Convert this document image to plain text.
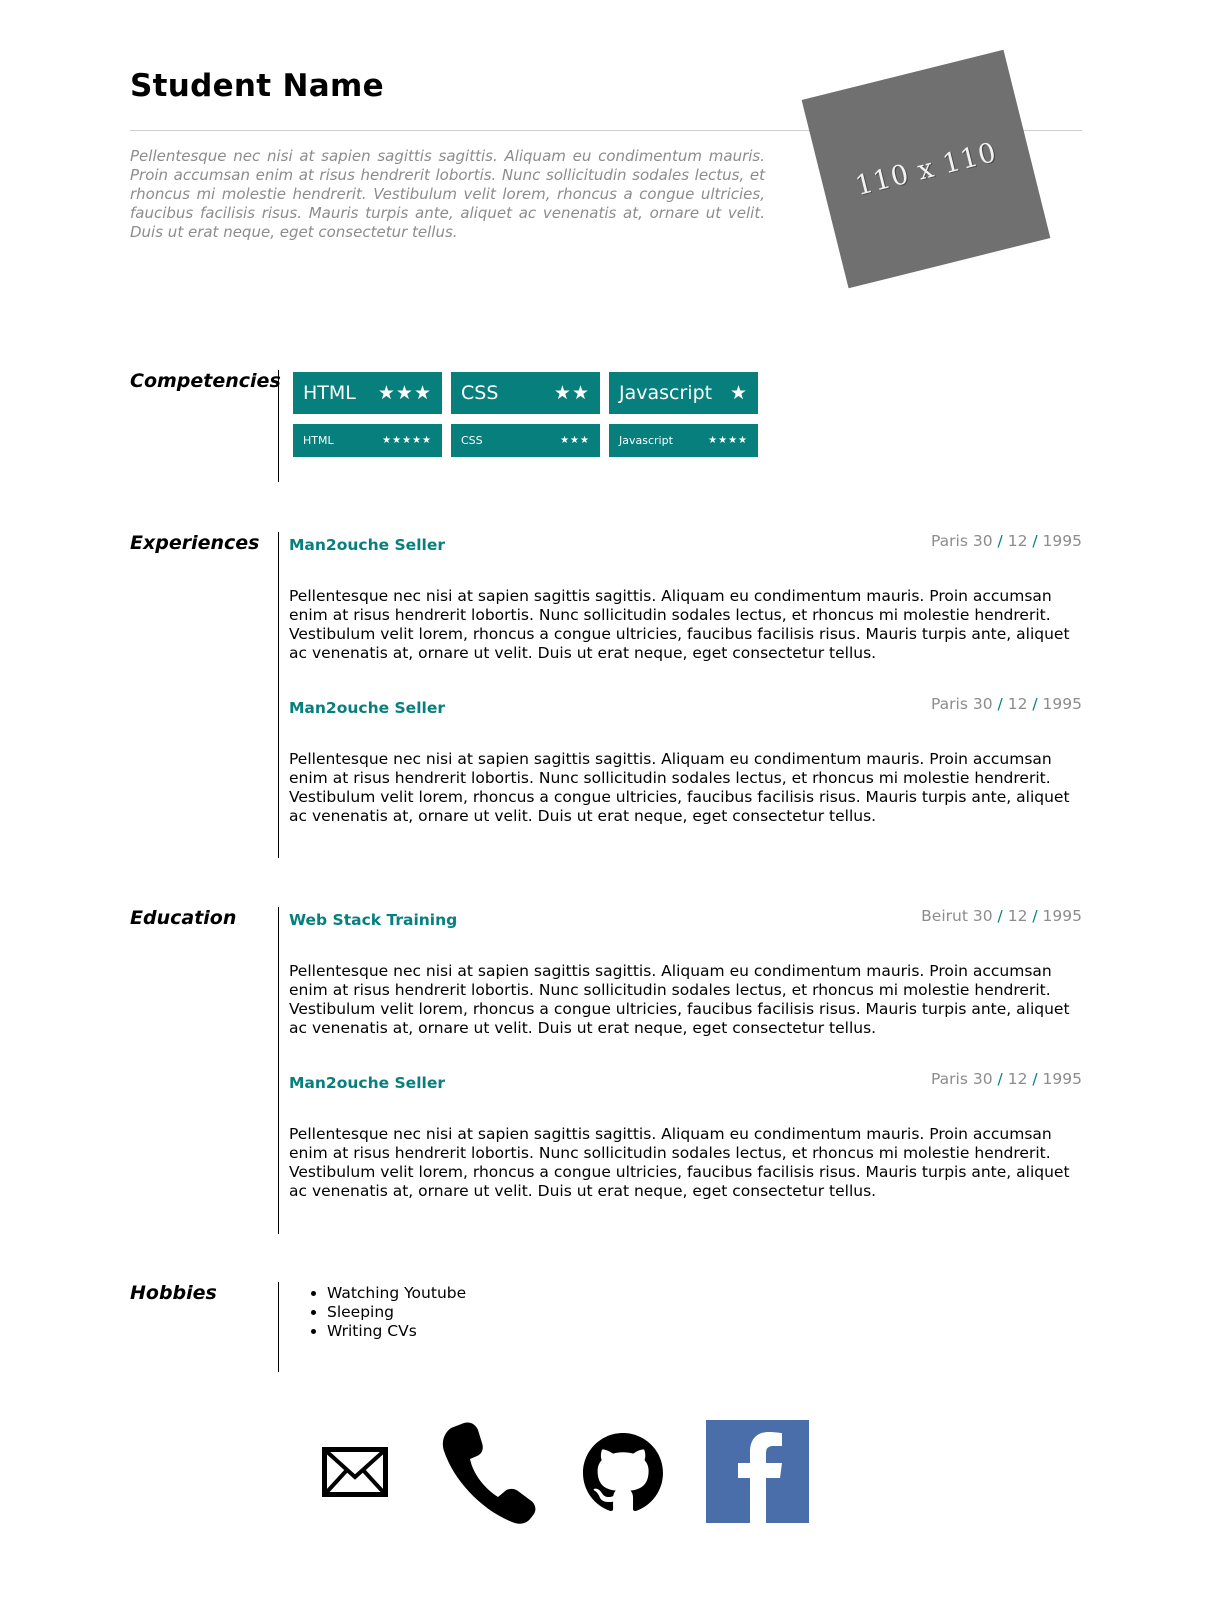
Student Name

Pellentesque nec nisi at sapien sagittis sagittis. Aliquam eu condimentum mauris. Proin accumsan enim at risus hendrerit lobortis. Nunc sollicitudin sodales lectus, et rhoncus mi molestie hendrerit. Vestibulum velit lorem, rhoncus a congue ultricies, faucibus facilisis risus. Mauris turpis ante, aliquet ac venenatis at, ornare ut velit. Duis ut erat neque, eget consectetur tellus.

110 x 110
Competencies
HTML ★★★ CSS	★★ Javascript ★
HTML	★★★★★	CSS	★★★	Javascript	★★★★
Experiences Man2ouche Seller	Paris 30 / 12 / 1995

Pellentesque nec nisi at sapien sagittis sagittis. Aliquam eu condimentum mauris. Proin accumsan enim at risus hendrerit lobortis. Nunc sollicitudin sodales lectus, et rhoncus mi molestie hendrerit. Vestibulum velit lorem, rhoncus a congue ultricies, faucibus facilisis risus. Mauris turpis ante, aliquet ac venenatis at, ornare ut velit. Duis ut erat neque, eget consectetur tellus.

Man2ouche Seller	Paris 30 / 12 / 1995

Pellentesque nec nisi at sapien sagittis sagittis. Aliquam eu condimentum mauris. Proin accumsan enim at risus hendrerit lobortis. Nunc sollicitudin sodales lectus, et rhoncus mi molestie hendrerit. Vestibulum velit lorem, rhoncus a congue ultricies, faucibus facilisis risus. Mauris turpis ante, aliquet ac venenatis at, ornare ut velit. Duis ut erat neque, eget consectetur tellus.

Education	Web Stack Training	Beirut 30 / 12 / 1995

Pellentesque nec nisi at sapien sagittis sagittis. Aliquam eu condimentum mauris. Proin accumsan enim at risus hendrerit lobortis. Nunc sollicitudin sodales lectus, et rhoncus mi molestie hendrerit. Vestibulum velit lorem, rhoncus a congue ultricies, faucibus facilisis risus. Mauris turpis ante, aliquet ac venenatis at, ornare ut velit. Duis ut erat neque, eget consectetur tellus.

Man2ouche Seller	Paris 30 / 12 / 1995

Pellentesque nec nisi at sapien sagittis sagittis. Aliquam eu condimentum mauris. Proin accumsan enim at risus hendrerit lobortis. Nunc sollicitudin sodales lectus, et rhoncus mi molestie hendrerit. Vestibulum velit lorem, rhoncus a congue ultricies, faucibus facilisis risus. Mauris turpis ante, aliquet ac venenatis at, ornare ut velit. Duis ut erat neque, eget consectetur tellus.

Hobbies
•	Watching Youtube
• Sleeping
• Writing CVs
